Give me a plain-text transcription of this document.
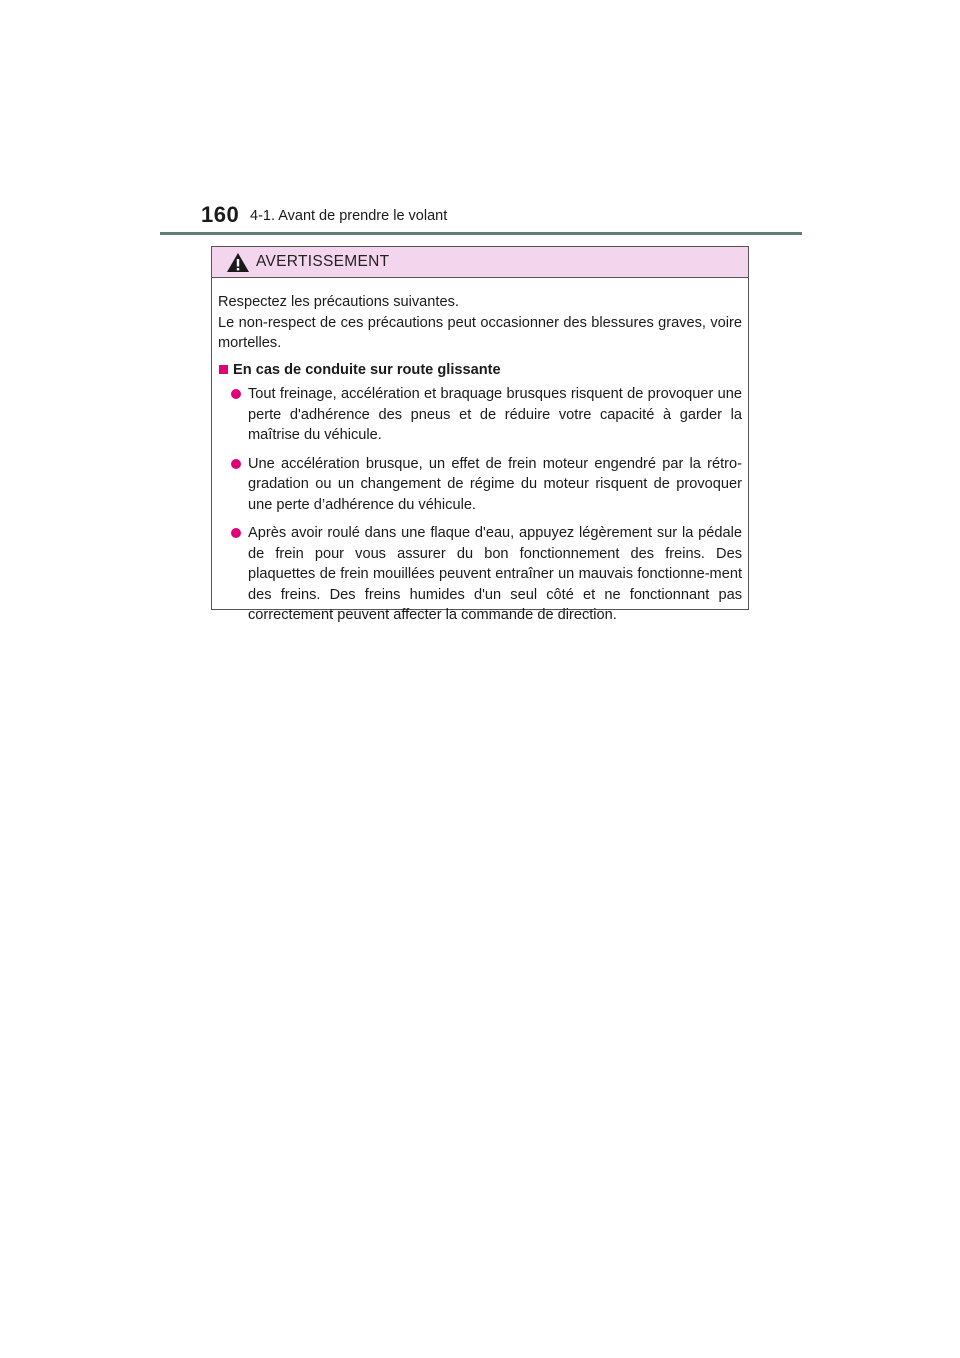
160 4-1. Avant de prendre le volant
AVERTISSEMENT

Respectez les précautions suivantes.
Le non-respect de ces précautions peut occasionner des blessures graves, voire mortelles.

En cas de conduite sur route glissante
Tout freinage, accélération et braquage brusques risquent de provoquer une perte d'adhérence des pneus et de réduire votre capacité à garder la maîtrise du véhicule.
Une accélération brusque, un effet de frein moteur engendré par la rétro-gradation ou un changement de régime du moteur risquent de provoquer une perte d’adhérence du véhicule.
Après avoir roulé dans une flaque d'eau, appuyez légèrement sur la pédale de frein pour vous assurer du bon fonctionnement des freins. Des plaquettes de frein mouillées peuvent entraîner un mauvais fonctionne-ment des freins. Des freins humides d'un seul côté et ne fonctionnant pas correctement peuvent affecter la commande de direction.
